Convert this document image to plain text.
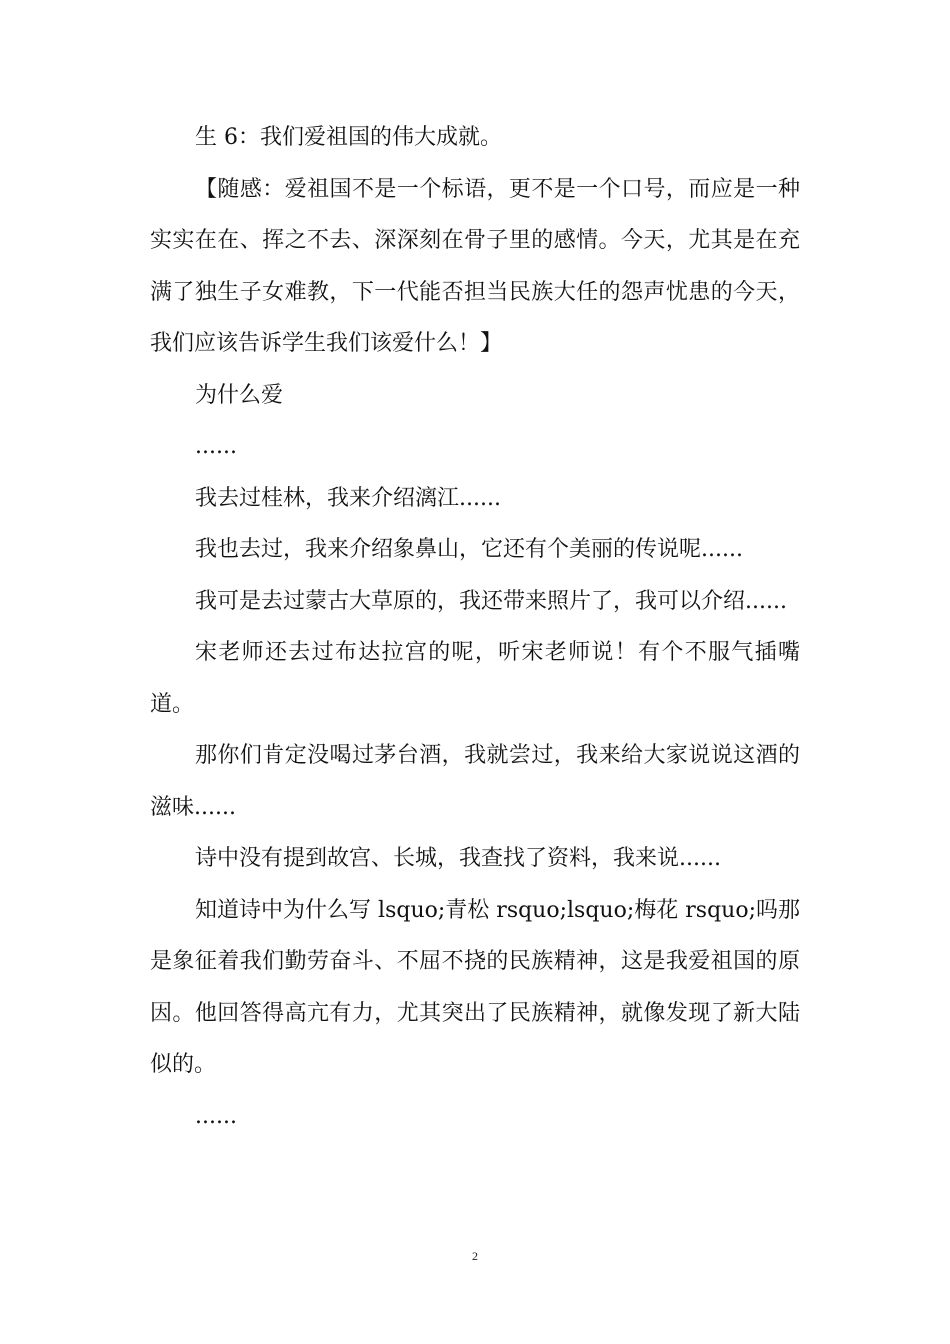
生 6：我们爱祖国的伟大成就。

【随感：爱祖国不是一个标语，更不是一个口号，而应是一种实实在在、挥之不去、深深刻在骨子里的感情。今天，尤其是在充满了独生子女难教，下一代能否担当民族大任的怨声忧患的今天，我们应该告诉学生我们该爱什么！】

为什么爱

......

我去过桂林，我来介绍漓江......

我也去过，我来介绍象鼻山，它还有个美丽的传说呢......

我可是去过蒙古大草原的，我还带来照片了，我可以介绍......

宋老师还去过布达拉宫的呢，听宋老师说！有个不服气插嘴道。

那你们肯定没喝过茅台酒，我就尝过，我来给大家说说这酒的滋味......

诗中没有提到故宫、长城，我查找了资料，我来说......

知道诗中为什么写 lsquo;青松 rsquo;lsquo;梅花 rsquo;吗那是象征着我们勤劳奋斗、不屈不挠的民族精神，这是我爱祖国的原因。他回答得高亢有力，尤其突出了民族精神，就像发现了新大陆似的。

......

2
